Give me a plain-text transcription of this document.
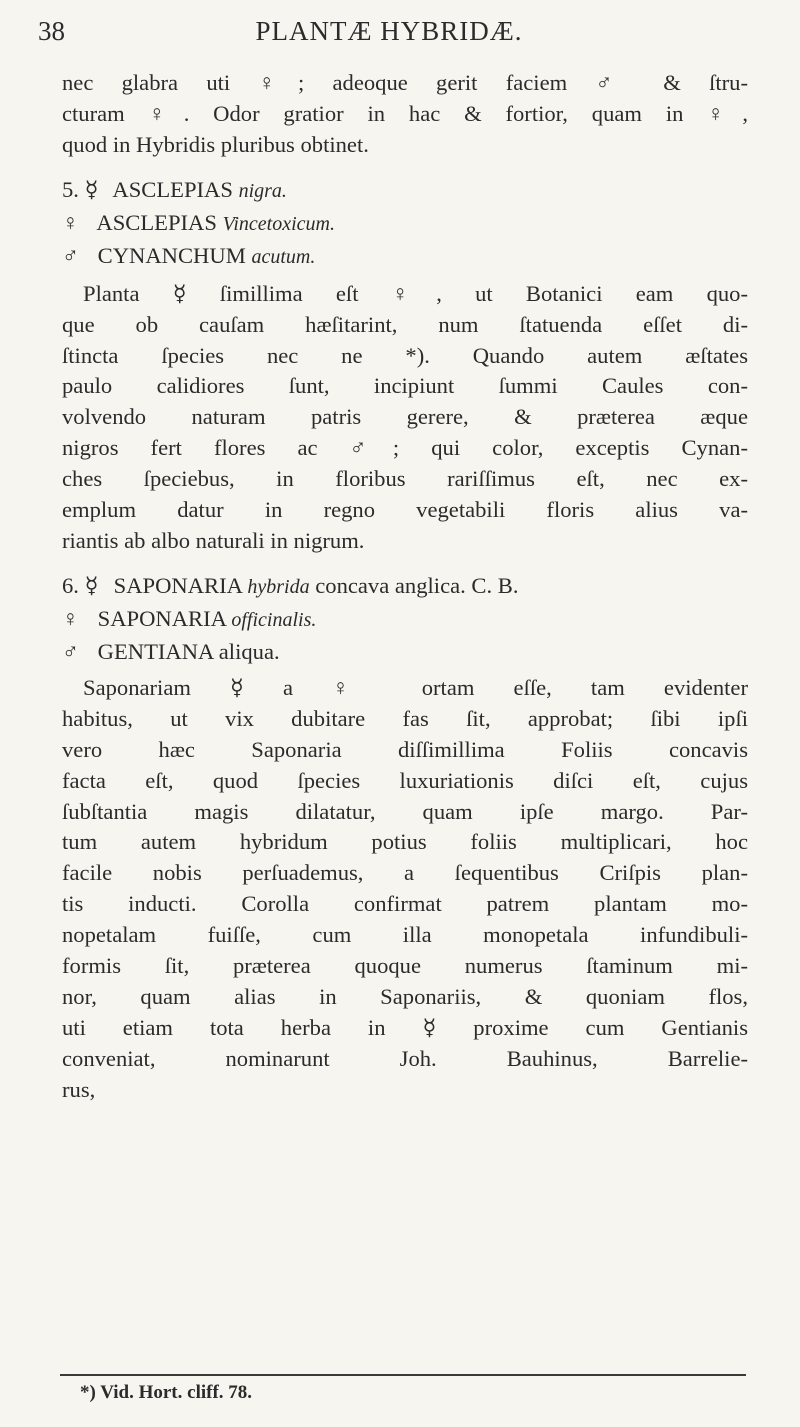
38	PLANTÆ HYBRIDÆ.

nec glabra uti ♀; adeoque gerit faciem ♂ & ſtru-

cturam ♀. Odor gratior in hac & fortior, quam in ♀,

quod in Hybridis pluribus obtinet.

5. ☿ ASCLEPIAS nigra.
♀ ASCLEPIAS Vincetoxicum.
♂ CYNANCHUM acutum.

Planta ☿ ſimillima eſt ♀, ut Botanici eam quo-

que ob cauſam hæſitarint, num ſtatuenda eſſet di-

ſtincta ſpecies nec ne *). Quando autem æſtates

paulo calidiores ſunt, incipiunt ſummi Caules con-

volvendo naturam patris gerere, & præterea æque

nigros fert flores ac ♂; qui color, exceptis Cynan-

ches ſpeciebus, in floribus rariſſimus eſt, nec ex-

emplum datur in regno vegetabili floris alius va-

riantis ab albo naturali in nigrum.

6. ☿ SAPONARIA hybrida concava anglica. C. B.
♀ SAPONARIA officinalis.
♂ GENTIANA aliqua.

Saponariam ☿ a ♀ ortam eſſe, tam evidenter

habitus, ut vix dubitare fas ſit, approbat; ſibi ipſi

vero hæc Saponaria diſſimillima Foliis concavis

facta eſt, quod ſpecies luxuriationis diſci eſt, cujus

ſubſtantia magis dilatatur, quam ipſe margo. Par-

tum autem hybridum potius foliis multiplicari, hoc

facile nobis perſuademus, a ſequentibus Criſpis plan-

tis inducti. Corolla confirmat patrem plantam mo-

nopetalam fuiſſe, cum illa monopetala infundibuli-

formis ſit, præterea quoque numerus ſtaminum mi-

nor, quam alias in Saponariis, & quoniam flos,

uti etiam tota herba in ☿ proxime cum Gentianis

conveniat, nominarunt Joh. Bauhinus, Barrelie-

rus,

*) Vid. Hort. cliff. 78.
